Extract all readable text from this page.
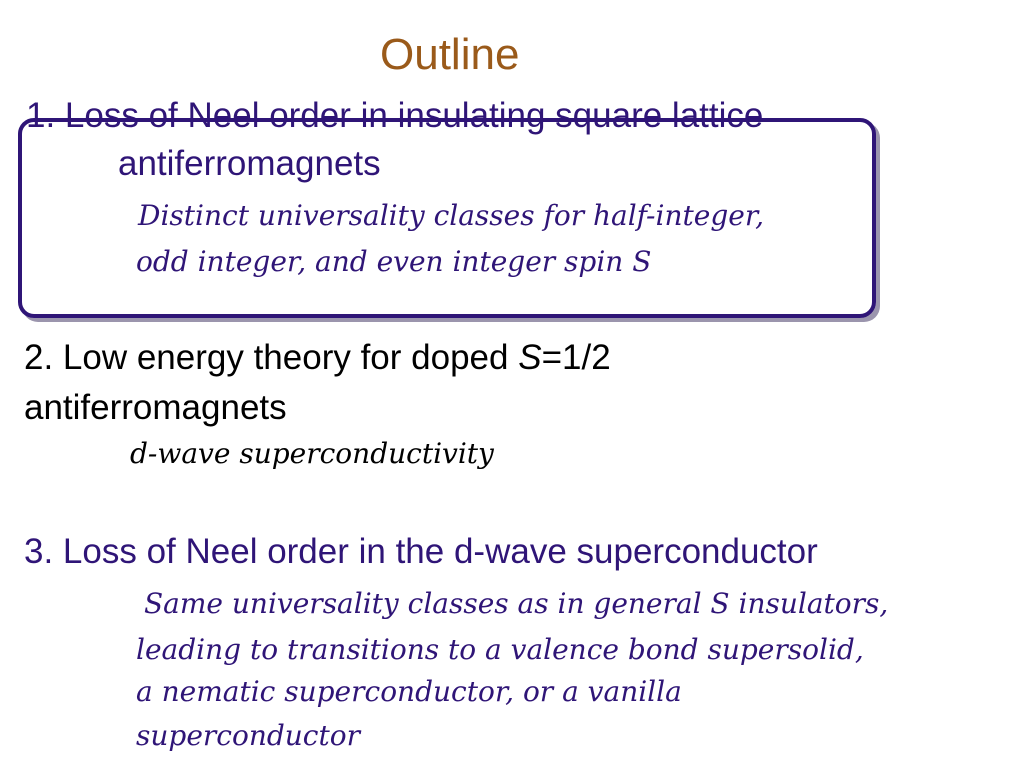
Outline
1. Loss of Neel order in insulating square lattice
antiferromagnets
Distinct universality classes for half-integer,
odd integer, and even integer spin S
2. Low energy theory for doped S=1/2
antiferromagnets
d-wave superconductivity
3. Loss of Neel order in the d-wave superconductor
Same universality classes as in general S insulators,
leading to transitions to a valence bond supersolid,
a nematic superconductor, or a vanilla
superconductor
